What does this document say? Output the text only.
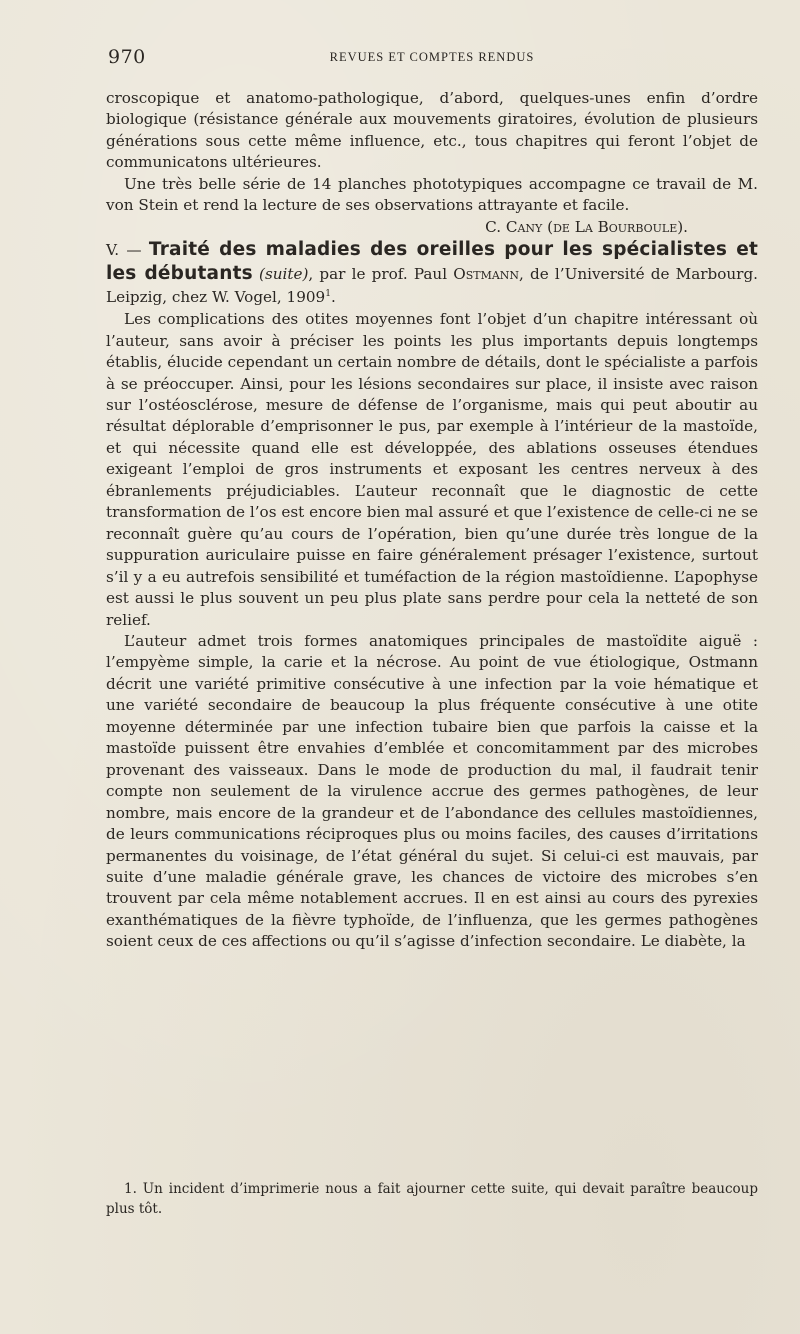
970	REVUES ET COMPTES RENDUS

croscopique et anatomo-pathologique, d’abord, quelques-unes enfin d’ordre biologique (résistance générale aux mouvements giratoires, évolution de plusieurs générations sous cette même influence, etc., tous chapitres qui feront l’objet de communicatons ultérieures.

Une très belle série de 14 planches phototypiques accompagne ce travail de M. von Stein et rend la lecture de ses observations attrayante et facile.

C. Cany (de La Bourboule).

V. — Traité des maladies des oreilles pour les spécialistes et les débutants (suite), par le prof. Paul Ostmann, de l’Université de Marbourg. Leipzig, chez W. Vogel, 1909$^1$.

Les complications des otites moyennes font l’objet d’un chapitre intéressant où l’auteur, sans avoir à préciser les points les plus importants depuis longtemps établis, élucide cependant un certain nombre de détails, dont le spécialiste a parfois à se préoccuper. Ainsi, pour les lésions secondaires sur place, il insiste avec raison sur l’ostéosclérose, mesure de défense de l’organisme, mais qui peut aboutir au résultat déplorable d’emprisonner le pus, par exemple à l’intérieur de la mastoïde, et qui nécessite quand elle est développée, des ablations osseuses étendues exigeant l’emploi de gros instruments et exposant les centres nerveux à des ébranlements préjudiciables. L’auteur reconnaît que le diagnostic de cette transformation de l’os est encore bien mal assuré et que l’existence de celle-ci ne se reconnaît guère qu’au cours de l’opération, bien qu’une durée très longue de la suppuration auriculaire puisse en faire généralement présager l’existence, surtout s’il y a eu autrefois sensibilité et tuméfaction de la région mastoïdienne. L’apophyse est aussi le plus souvent un peu plus plate sans perdre pour cela la netteté de son relief.

L’auteur admet trois formes anatomiques principales de mastoïdite aiguë : l’empyème simple, la carie et la nécrose. Au point de vue étiologique, Ostmann décrit une variété primitive consécutive à une infection par la voie hématique et une variété secondaire de beaucoup la plus fréquente consécutive à une otite moyenne déterminée par une infection tubaire bien que parfois la caisse et la mastoïde puissent être envahies d’emblée et concomitamment par des microbes provenant des vaisseaux. Dans le mode de production du mal, il faudrait tenir compte non seulement de la virulence accrue des germes pathogènes, de leur nombre, mais encore de la grandeur et de l’abondance des cellules mastoïdiennes, de leurs communications réciproques plus ou moins faciles, des causes d’irritations permanentes du voisinage, de l’état général du sujet. Si celui-ci est mauvais, par suite d’une maladie générale grave, les chances de victoire des microbes s’en trouvent par cela même notablement accrues. Il en est ainsi au cours des pyrexies exanthématiques de la fièvre typhoïde, de l’influenza, que les germes pathogènes soient ceux de ces affections ou qu’il s’agisse d’infection secondaire. Le diabète, la

1. Un incident d’imprimerie nous a fait ajourner cette suite, qui devait paraître beaucoup plus tôt.
